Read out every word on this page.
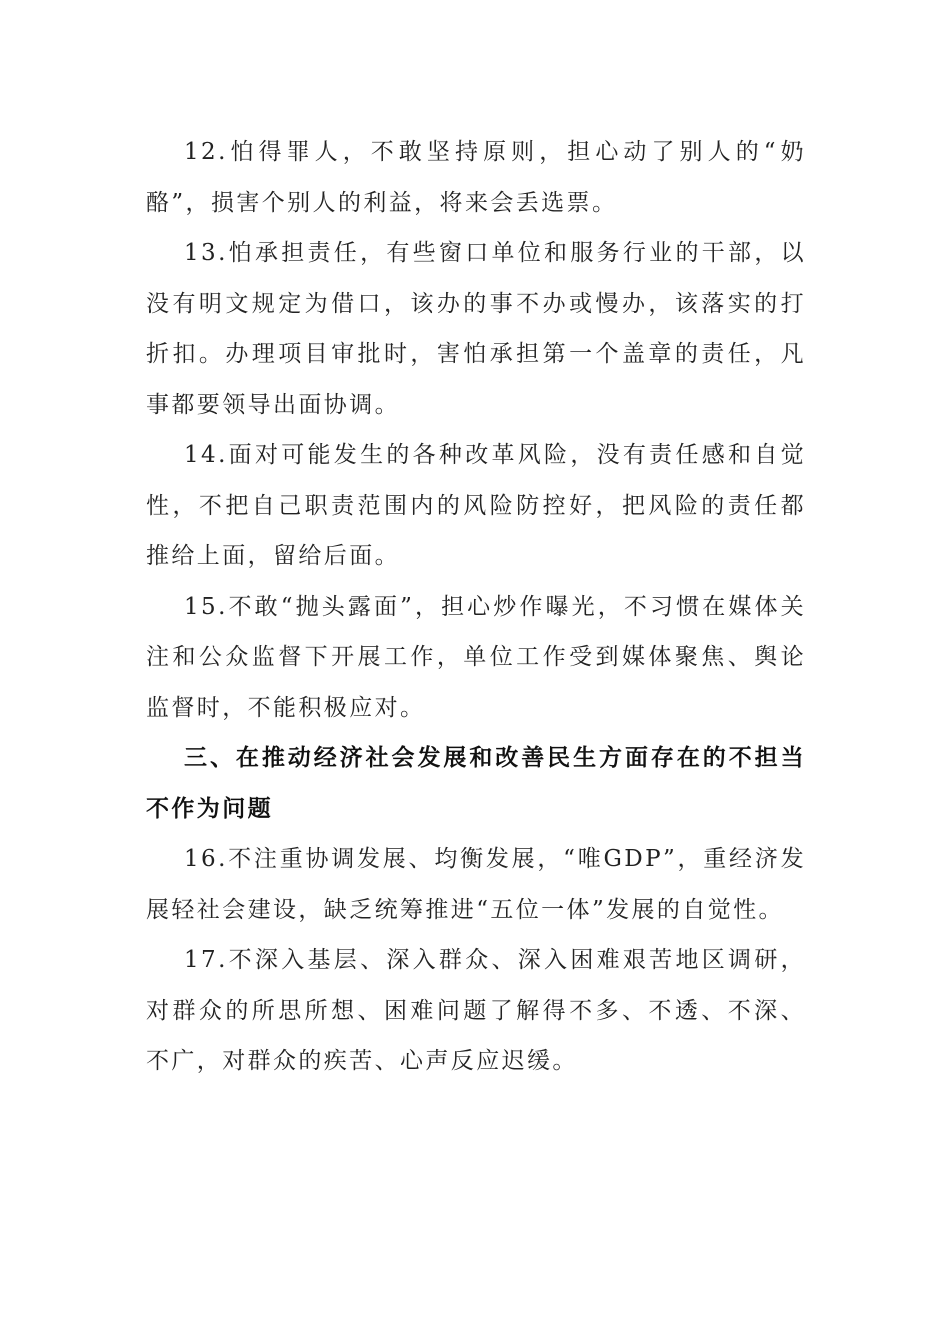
12.怕得罪人，不敢坚持原则，担心动了别人的“奶酪”，损害个别人的利益，将来会丢选票。

13.怕承担责任，有些窗口单位和服务行业的干部，以没有明文规定为借口，该办的事不办或慢办，该落实的打折扣。办理项目审批时，害怕承担第一个盖章的责任，凡事都要领导出面协调。

14.面对可能发生的各种改革风险，没有责任感和自觉性，不把自己职责范围内的风险防控好，把风险的责任都推给上面，留给后面。

15.不敢“抛头露面”，担心炒作曝光，不习惯在媒体关注和公众监督下开展工作，单位工作受到媒体聚焦、舆论监督时，不能积极应对。

三、在推动经济社会发展和改善民生方面存在的不担当不作为问题

16.不注重协调发展、均衡发展，“唯GDP”，重经济发展轻社会建设，缺乏统筹推进“五位一体”发展的自觉性。

17.不深入基层、深入群众、深入困难艰苦地区调研，对群众的所思所想、困难问题了解得不多、不透、不深、不广，对群众的疾苦、心声反应迟缓。
